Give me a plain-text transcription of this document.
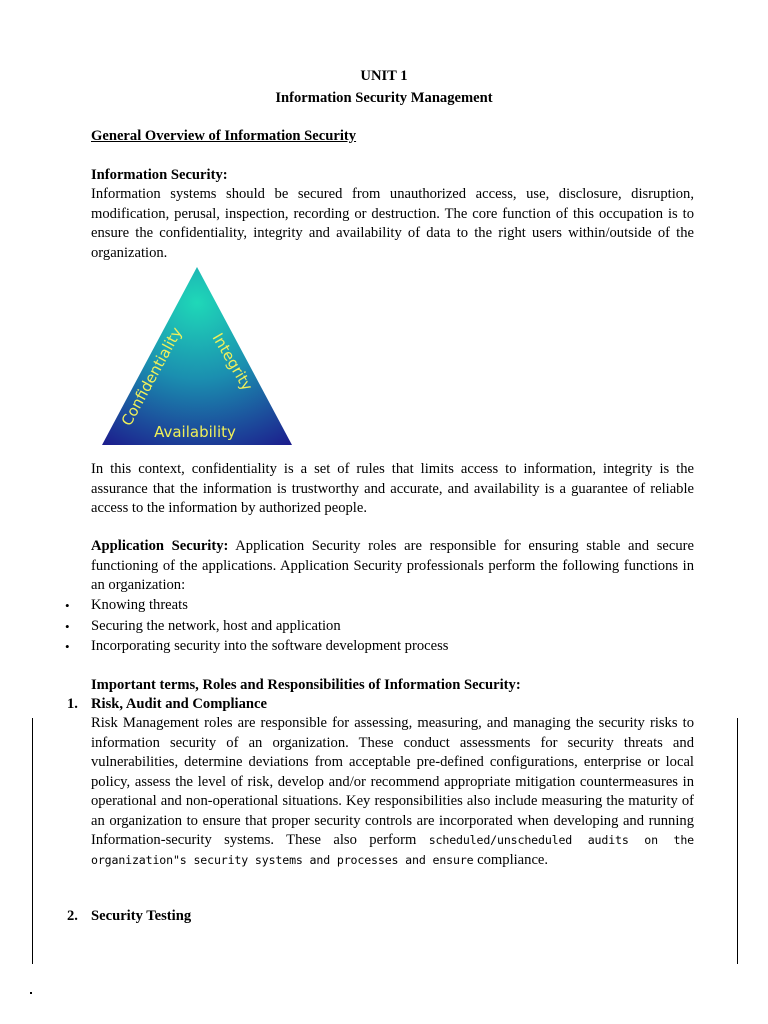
UNIT 1

Information Security Management

General Overview of Information Security

Information Security:

Information systems should be secured from unauthorized access, use, disclosure, disruption, modification, perusal, inspection, recording or destruction. The core function of this occupation is to ensure the confidentiality, integrity and availability of data to the right users within/outside of the organization.

Confidentiality Integrity
Availability

In this context, confidentiality is a set of rules that limits access to information, integrity is the assurance that the information is trustworthy and accurate, and availability is a guarantee of reliable access to the information by authorized people.

Application Security: Application Security roles are responsible for ensuring stable and secure functioning of the applications. Application Security professionals perform the following functions in an organization:

• Knowing threats
• Securing the network, host and application
• Incorporating security into the software development process

Important terms, Roles and Responsibilities of Information Security:

1. Risk, Audit and Compliance

Risk Management roles are responsible for assessing, measuring, and managing the security risks to information security of an organization. These conduct assessments for security threats and vulnerabilities, determine deviations from acceptable pre-defined configurations, enterprise or local policy, assess the level of risk, develop and/or recommend appropriate mitigation countermeasures in operational and non-operational situations. Key responsibilities also include measuring the maturity of an organization to ensure that proper security controls are incorporated when developing and running Information-security systems. These also perform scheduled/unscheduled audits on the organization"s security systems and processes and ensure compliance.

2. Security Testing
